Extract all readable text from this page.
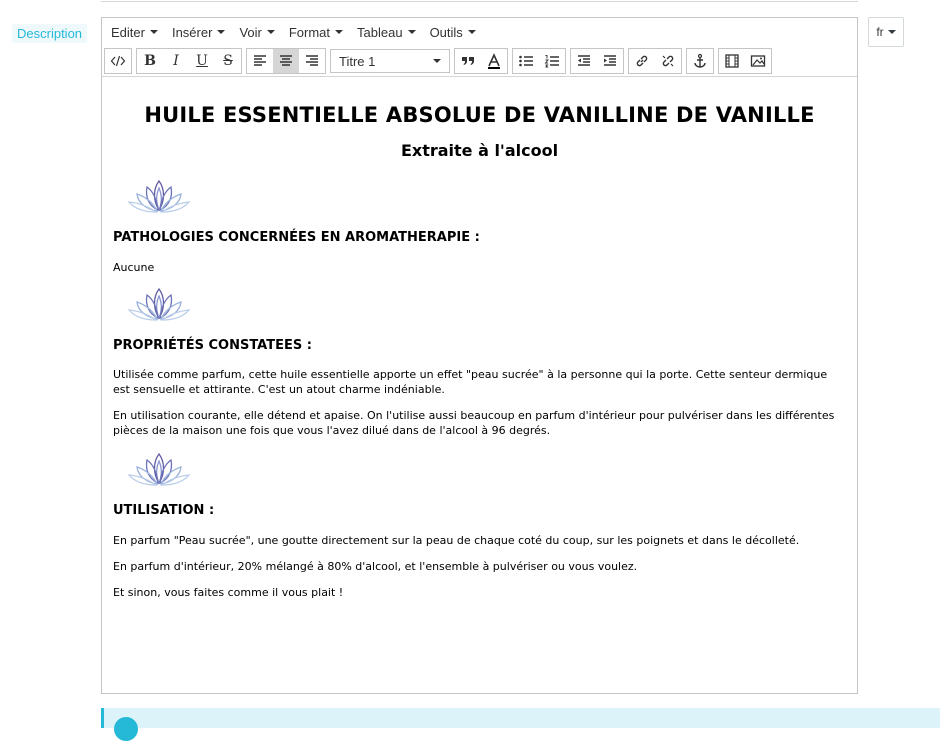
Description	Editer Insérer Voir Format Tableau Outils
B I U S	Titre 1
HUILE ESSENTIELLE ABSOLUE DE VANILLINE DE VANILLE
Extraite à l'alcool
PATHOLOGIES CONCERNÉES EN AROMATHERAPIE :

Aucune

PROPRIÉTÉS CONSTATEES :

Utilisée comme parfum, cette huile essentielle apporte un effet "peau sucrée" à la personne qui la porte. Cette senteur dermique est sensuelle et attirante. C'est un atout charme indéniable.

En utilisation courante, elle détend et apaise. On l'utilise aussi beaucoup en parfum d'intérieur pour pulvériser dans les différentes pièces de la maison une fois que vous l'avez dilué dans de l'alcool à 96 degrés.

UTILISATION :

En parfum "Peau sucrée", une goutte directement sur la peau de chaque coté du coup, sur les poignets et dans le décolleté.

En parfum d'intérieur, 20% mélangé à 80% d'alcool, et l'ensemble à pulvériser ou vous voulez.

Et sinon, vous faites comme il vous plait !

fr
